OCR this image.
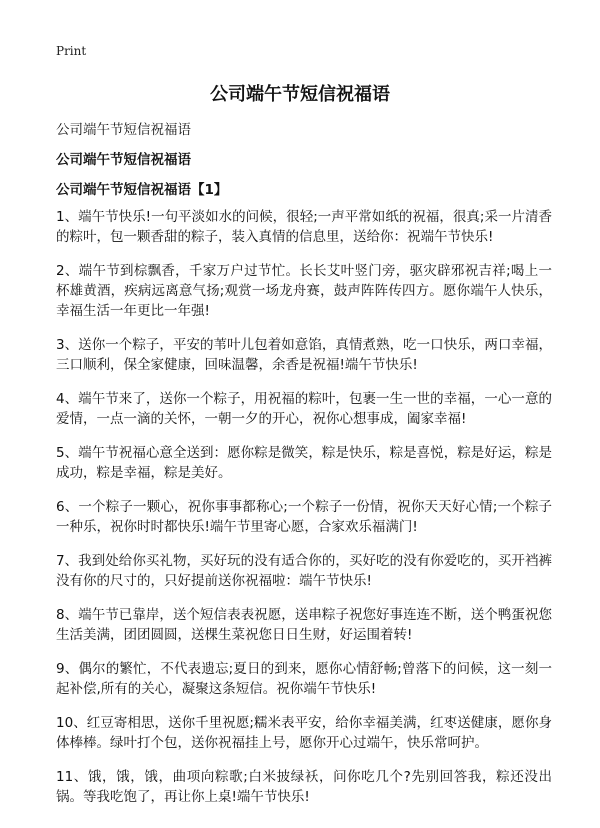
Print
公司端午节短信祝福语
公司端午节短信祝福语
公司端午节短信祝福语
公司端午节短信祝福语【1】
1、端午节快乐!一句平淡如水的问候，很轻;一声平常如纸的祝福，很真;采一片清香的粽叶，包一颗香甜的粽子，装入真情的信息里，送给你：祝端午节快乐!
2、端午节到棕飘香，千家万户过节忙。长长艾叶竖门旁，驱灾辟邪祝吉祥;喝上一杯雄黄酒，疾病远离意气扬;观赏一场龙舟赛，鼓声阵阵传四方。愿你端午人快乐，幸福生活一年更比一年强!
3、送你一个粽子，平安的苇叶儿包着如意馅，真情煮熟，吃一口快乐，两口幸福，三口顺利，保全家健康，回味温馨，余香是祝福!端午节快乐!
4、端午节来了，送你一个粽子，用祝福的粽叶，包裹一生一世的幸福，一心一意的爱情，一点一滴的关怀，一朝一夕的开心，祝你心想事成，阖家幸福!
5、端午节祝福心意全送到：愿你粽是微笑，粽是快乐，粽是喜悦，粽是好运，粽是成功，粽是幸福，粽是美好。
6、一个粽子一颗心，祝你事事都称心;一个粽子一份情，祝你天天好心情;一个粽子一种乐，祝你时时都快乐!端午节里寄心愿，合家欢乐福满门!
7、我到处给你买礼物，买好玩的没有适合你的，买好吃的没有你爱吃的，买开裆裤没有你的尺寸的，只好提前送你祝福啦：端午节快乐!
8、端午节已靠岸，送个短信表表祝愿，送串粽子祝您好事连连不断，送个鸭蛋祝您生活美满，团团圆圆，送棵生菜祝您日日生财，好运围着转!
9、偶尔的繁忙，不代表遗忘;夏日的到来，愿你心情舒畅;曾落下的问候，这一刻一起补偿,所有的关心，凝聚这条短信。祝你端午节快乐!
10、红豆寄相思，送你千里祝愿;糯米表平安，给你幸福美满，红枣送健康，愿你身体棒棒。绿叶打个包，送你祝福挂上号，愿你开心过端午，快乐常呵护。
11、饿，饿，饿，曲项向粽歌;白米披绿袄，问你吃几个?先别回答我，粽还没出锅。等我吃饱了，再让你上桌!端午节快乐!
